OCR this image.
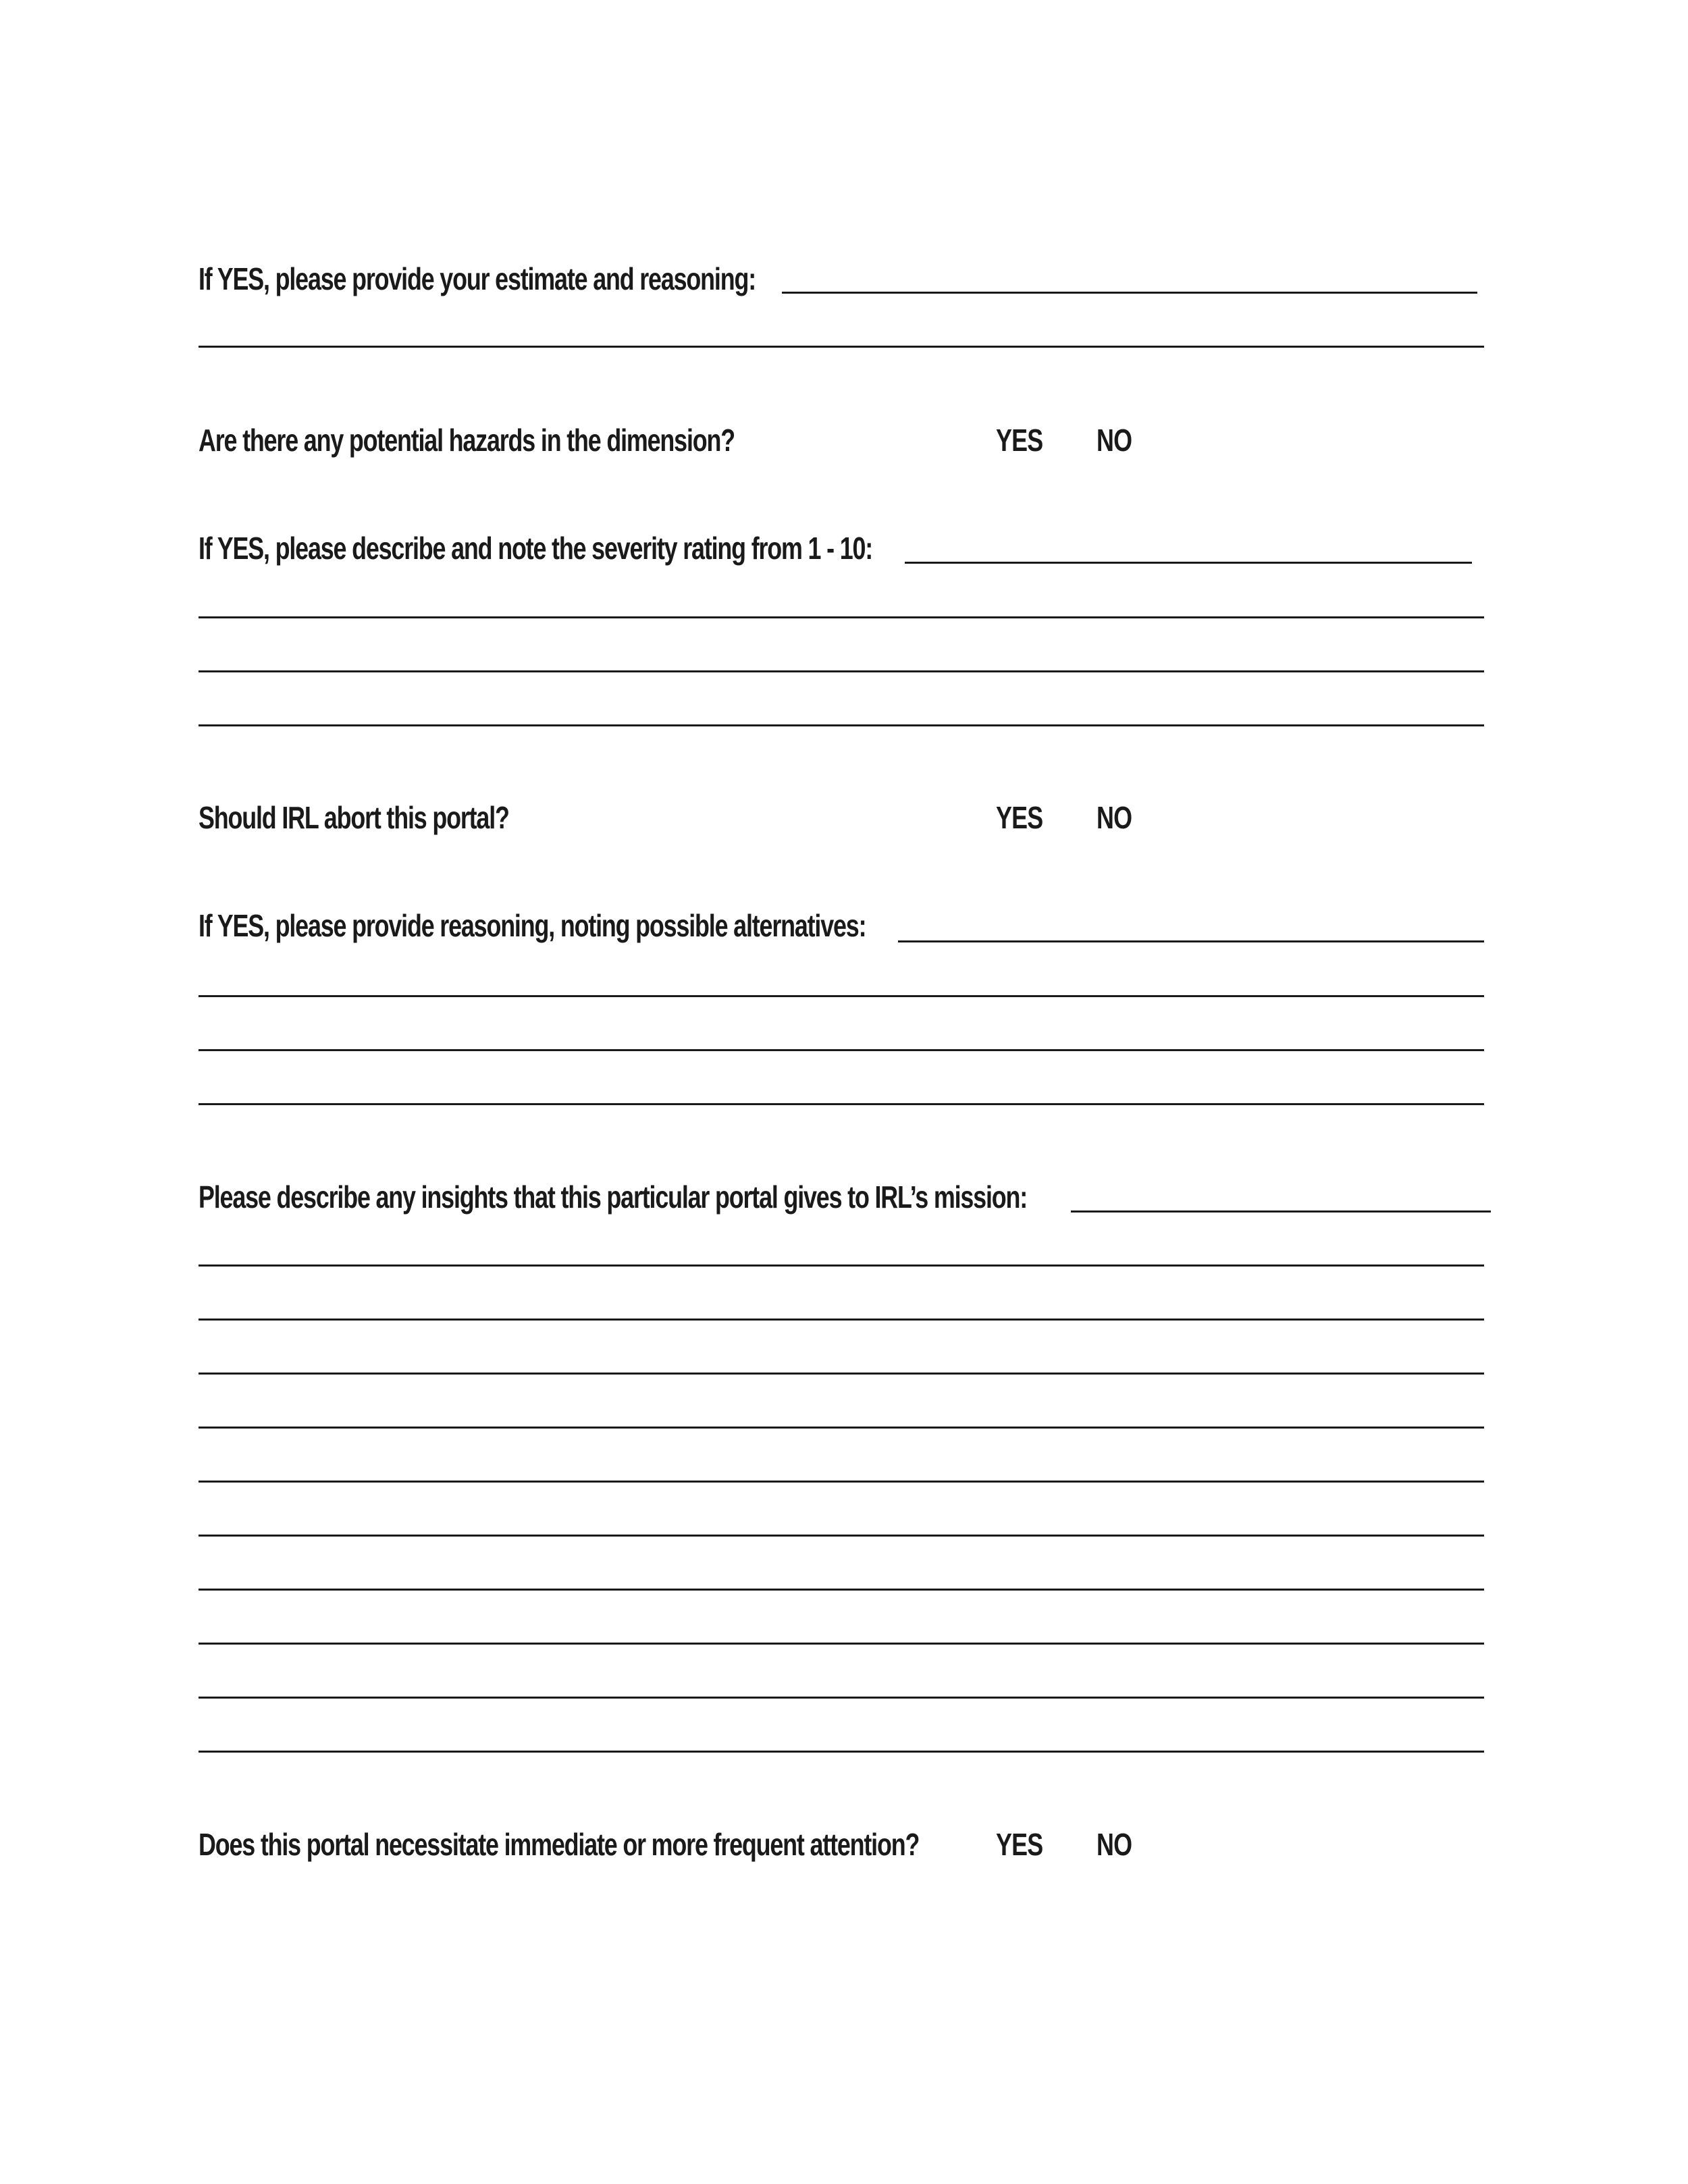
If YES, please provide your estimate and reasoning:
Are there any potential hazards in the dimension?	YES NO
If YES, please describe and note the severity rating from 1 - 10:
Should IRL abort this portal?	YES NO
If YES, please provide reasoning, noting possible alternatives:
Please describe any insights that this particular portal gives to IRL’s mission:
Does this portal necessitate immediate or more frequent attention? YES NO
